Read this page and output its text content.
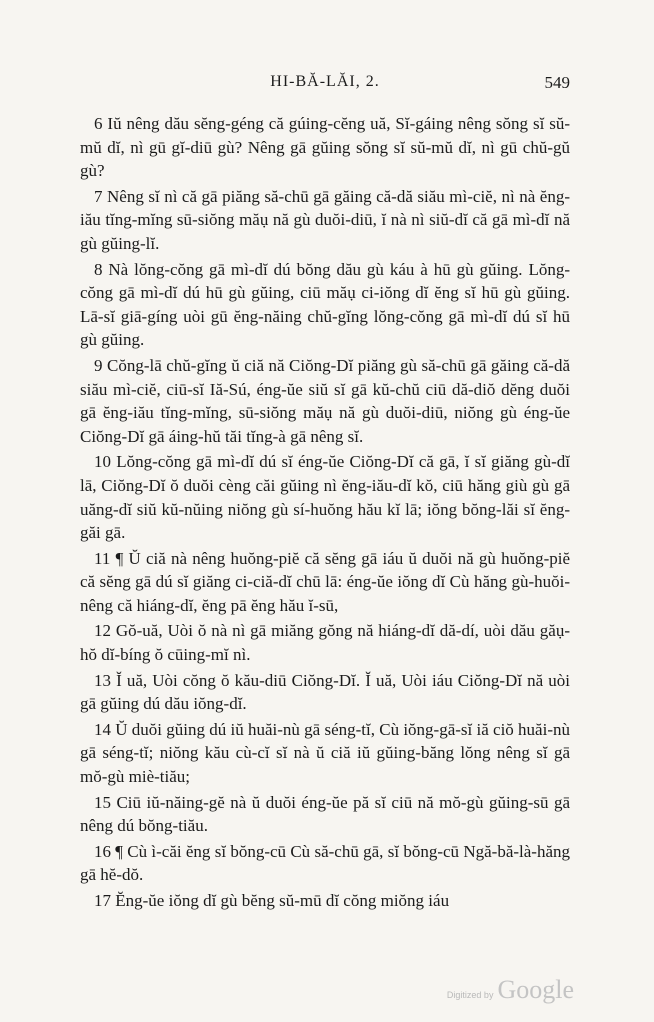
HI-BĂ-LĂI, 2.	549

6 Iŭ nêng dău sĕng-géng că gúing-cĕng uă, Sĭ-gáing nêng sŏng sĭ sŭ-mŭ dĭ, nì gū gĭ-diū gù? Nêng gā gŭing sŏng sĭ sŭ-mŭ dĭ, nì gū chŭ-gŭ gù?

7 Nêng sĭ nì că gā piăng să-chū gā găing că-dă siău mì-ciĕ, nì nà ĕng-iău tĭng-mĭng sū-siŏng măụ nă gù duŏi-diū, ĭ nà nì siŭ-dĭ că gā mì-dĭ nă gù gŭing-lĭ.

8 Nà lŏng-cŏng gā mì-dĭ dú bŏng dău gù káu à hū gù gŭing. Lŏng-cŏng gā mì-dĭ dú hū gù gŭing, ciū măụ ci-iŏng dĭ ĕng sĭ hū gù gŭing. Lā-sĭ giā-gíng uòi gū ĕng-năing chŭ-gĭng lŏng-cŏng gā mì-dĭ dú sĭ hū gù gŭing.

9 Cŏng-lā chŭ-gĭng ŭ ciă nă Ciŏng-Dĭ piăng gù să-chū gā găing că-dă siău mì-ciĕ, ciū-sĭ Iă-Sú, éng-ŭe siŭ sĭ gā kŭ-chŭ ciū dă-diŏ dĕng duŏi gā ĕng-iău tĭng-mĭng, sū-siŏng măụ nă gù duŏi-diū, niŏng gù éng-ŭe Ciŏng-Dĭ gā áing-hŭ tăi tĭng-à gā nêng sĭ.

10 Lŏng-cŏng gā mì-dĭ dú sĭ éng-ŭe Ciŏng-Dĭ că gā, ĭ sĭ giăng gù-dĭ lā, Ciŏng-Dĭ ŏ duŏi cèng căi gŭing nì ĕng-iău-dĭ kŏ, ciū hăng giù gù gā uăng-dĭ siŭ kŭ-nŭing niŏng gù sí-huŏng hău kĭ lā; iŏng bŏng-lăi sĭ ĕng-găi gā.

11 ¶ Ŭ ciă nà nêng huŏng-piĕ că sĕng gā iáu ŭ duŏi nă gù huŏng-piĕ că sĕng gā dú sĭ giăng ci-ciă-dĭ chū lā: éng-ŭe iŏng dĭ Cù hăng gù-huŏi-nêng că hiáng-dĭ, ĕng pā ĕng hău ĭ-sū,

12 Gŏ-uă, Uòi ŏ nà nì gā miăng gŏng nă hiáng-dĭ dă-dí, uòi dău găụ-hŏ dĭ-bíng ŏ cūing-mĭ nì.

13 Ĭ uă, Uòi cŏng ŏ kău-diū Ciŏng-Dĭ. Ĭ uă, Uòi iáu Ciŏng-Dĭ nă uòi gā gŭing dú dău iŏng-dĭ.

14 Ŭ duŏi gŭing dú iŭ huăi-nù gā séng-tĭ, Cù iŏng-gā-sĭ iă ciŏ huăi-nù gā séng-tĭ; niŏng kău cù-cĭ sĭ nà ŭ ciă iŭ gŭing-băng lŏng nêng sĭ gā mŏ-gù miè-tiău;

15 Ciū iŭ-năing-gĕ nà ŭ duŏi éng-ŭe pă sĭ ciū nă mŏ-gù gŭing-sū gā nêng dú bŏng-tiău.

16 ¶ Cù ì-căi ĕng sĭ bŏng-cū Cù să-chū gā, sĭ bŏng-cū Ngă-bă-là-hăng gā hĕ-dŏ.

17 Ĕng-ŭe iŏng dĭ gù bĕng sŭ-mū dĭ cŏng miŏng iáu

Digitized by Google
